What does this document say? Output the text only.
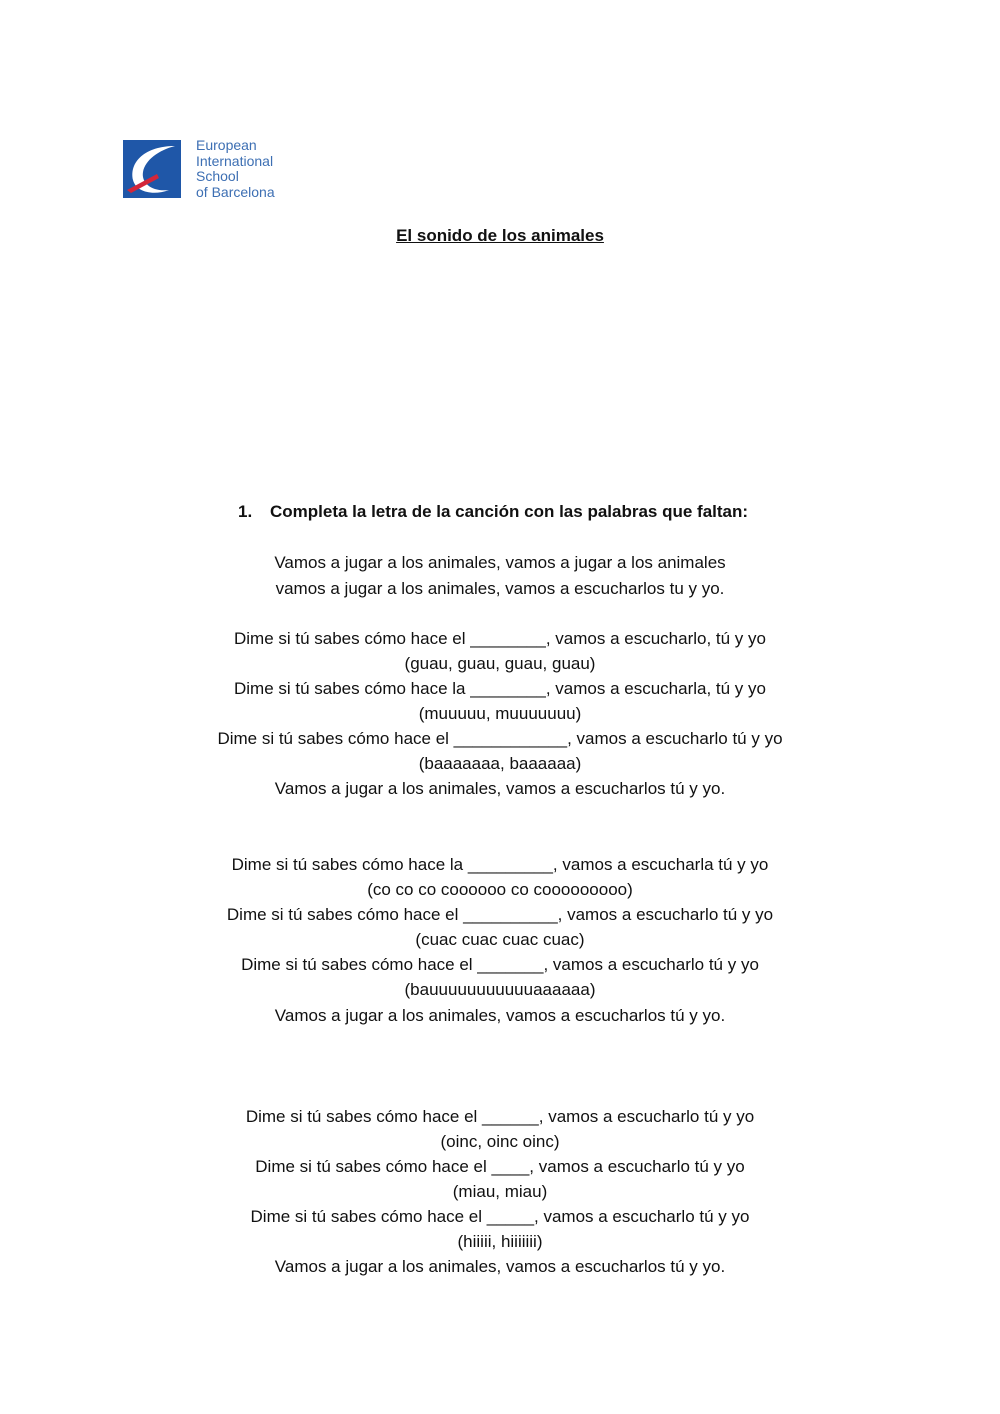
European
International
School
of Barcelona
El sonido de los animales
1. Completa la letra de la canción con las palabras que faltan:
Vamos a jugar a los animales, vamos a jugar a los animales
vamos a jugar a los animales, vamos a escucharlos tu y yo.
Dime si tú sabes cómo hace el ________, vamos a escucharlo, tú y yo
(guau, guau, guau, guau)
Dime si tú sabes cómo hace la ________, vamos a escucharla, tú y yo
(muuuuu, muuuuuuu)
Dime si tú sabes cómo hace el ____________, vamos a escucharlo tú y yo
(baaaaaaa, baaaaaa)
Vamos a jugar a los animales, vamos a escucharlos tú y yo.
Dime si tú sabes cómo hace la _________, vamos a escucharla tú y yo
(co co co coooooo co cooooooooo)
Dime si tú sabes cómo hace el __________, vamos a escucharlo tú y yo
(cuac cuac cuac cuac)
Dime si tú sabes cómo hace el _______, vamos a escucharlo tú y yo
(bauuuuuuuuuuuaaaaaa)
Vamos a jugar a los animales, vamos a escucharlos tú y yo.
Dime si tú sabes cómo hace el ______, vamos a escucharlo tú y yo
(oinc, oinc oinc)
Dime si tú sabes cómo hace el ____, vamos a escucharlo tú y yo
(miau, miau)
Dime si tú sabes cómo hace el _____, vamos a escucharlo tú y yo
(hiiiii, hiiiiiii)
Vamos a jugar a los animales, vamos a escucharlos tú y yo.
